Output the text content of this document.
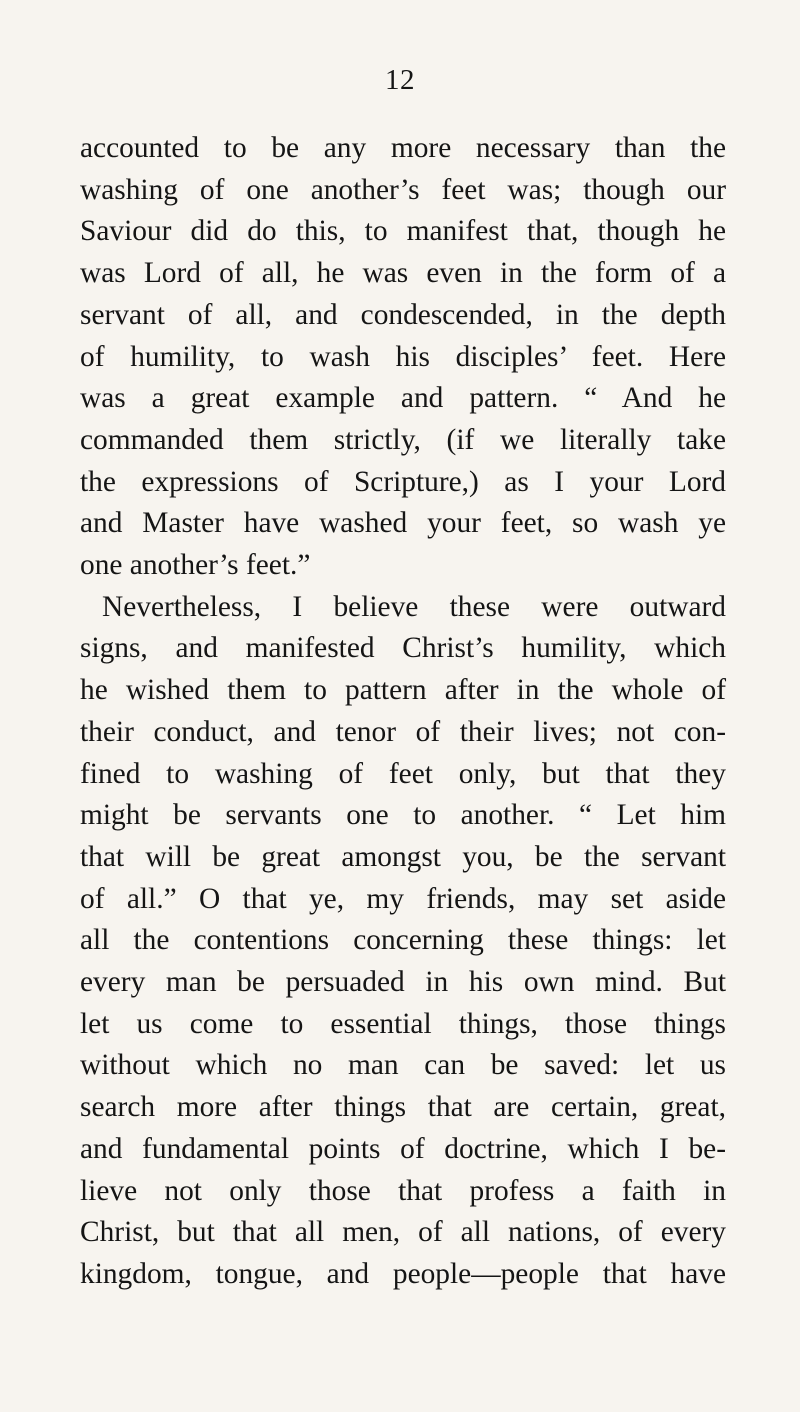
12
accounted to be any more necessary than the
washing of one another’s feet was; though our
Saviour did do this, to manifest that, though he
was Lord of all, he was even in the form of a
servant of all, and condescended, in the depth
of humility, to wash his disciples’ feet. Here
was a great example and pattern. “ And he
commanded them strictly, (if we literally take
the expressions of Scripture,) as I your Lord
and Master have washed your feet, so wash ye
one another’s feet.”
Nevertheless, I believe these were outward
signs, and manifested Christ’s humility, which
he wished them to pattern after in the whole of
their conduct, and tenor of their lives; not con-
fined to washing of feet only, but that they
might be servants one to another. “ Let him
that will be great amongst you, be the servant
of all.” O that ye, my friends, may set aside
all the contentions concerning these things: let
every man be persuaded in his own mind. But
let us come to essential things, those things
without which no man can be saved: let us
search more after things that are certain, great,
and fundamental points of doctrine, which I be-
lieve not only those that profess a faith in
Christ, but that all men, of all nations, of every
kingdom, tongue, and people—people that have
